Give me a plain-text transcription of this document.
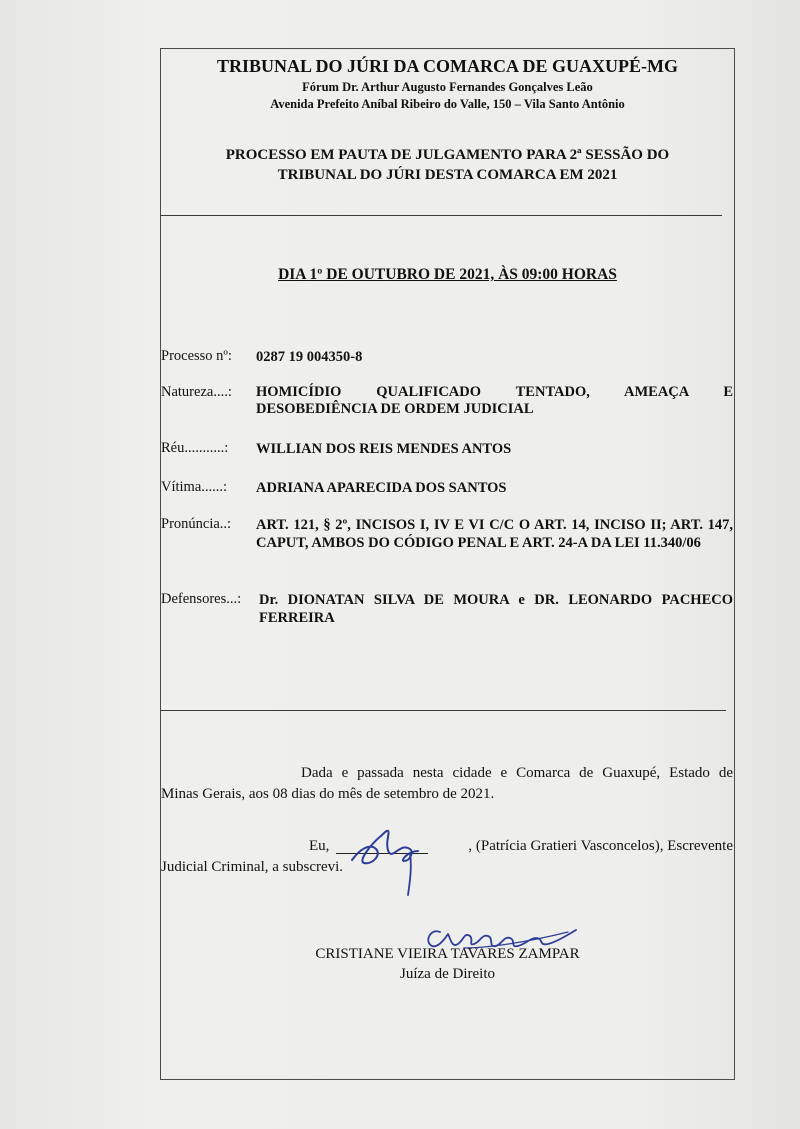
TRIBUNAL DO JÚRI DA COMARCA DE GUAXUPÉ-MG
Fórum Dr. Arthur Augusto Fernandes Gonçalves Leão
Avenida Prefeito Aníbal Ribeiro do Valle, 150 – Vila Santo Antônio
PROCESSO EM PAUTA DE JULGAMENTO PARA 2ª SESSÃO DO
TRIBUNAL DO JÚRI DESTA COMARCA EM 2021
DIA 1º DE OUTUBRO DE 2021, ÀS 09:00 HORAS
Processo nº: 0287 19 004350-8
Natureza....: HOMICÍDIO QUALIFICADO TENTADO, AMEAÇA E DESOBEDIÊNCIA DE ORDEM JUDICIAL
Réu...........: WILLIAN DOS REIS MENDES ANTOS
Vítima......: ADRIANA APARECIDA DOS SANTOS
Pronúncia..: ART. 121, § 2º, INCISOS I, IV E VI C/C O ART. 14, INCISO II; ART. 147, CAPUT, AMBOS DO CÓDIGO PENAL E ART. 24-A DA LEI 11.340/06
Defensores...: Dr. DIONATAN SILVA DE MOURA e DR. LEONARDO PACHECO FERREIRA
Dada e passada nesta cidade e Comarca de Guaxupé, Estado de
Minas Gerais, aos 08 dias do mês de setembro de 2021.
Eu,	, (Patrícia Gratieri Vasconcelos), Escrevente
Judicial Criminal, a subscrevi.
CRISTIANE VIEIRA TAVARES ZAMPAR
Juíza de Direito
